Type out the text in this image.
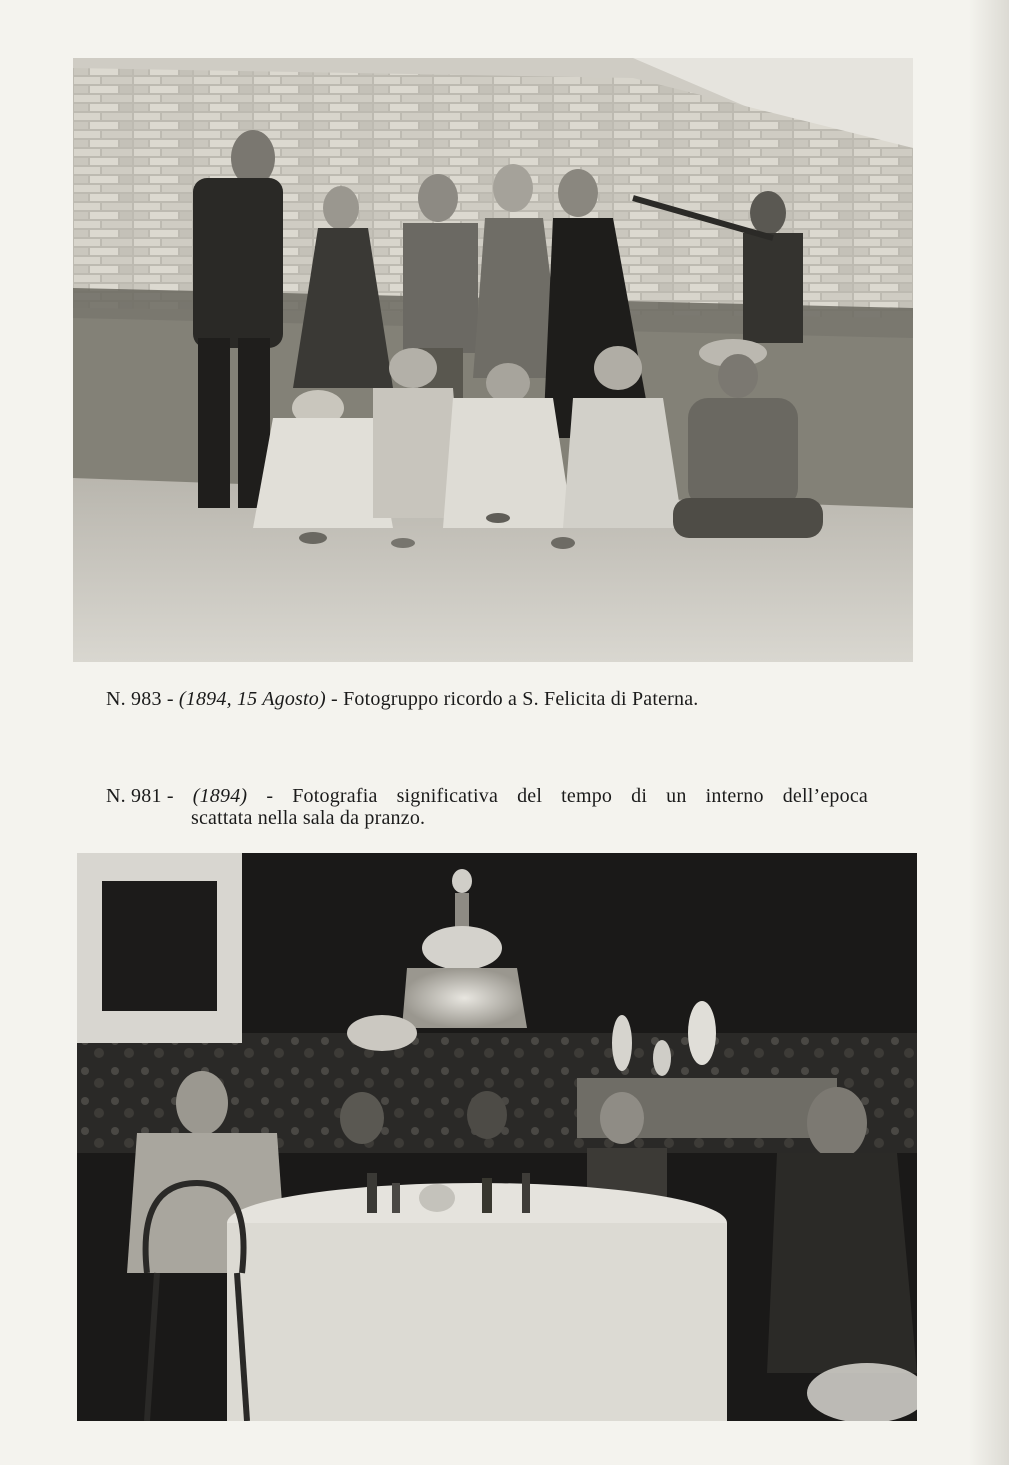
N. 983 - (1894, 15 Agosto) - Fotogruppo ricordo a S. Felicita di Paterna.
N. 981 - (1894) - Fotografia significativa del tempo di un interno dell’epoca
scattata nella sala da pranzo.
